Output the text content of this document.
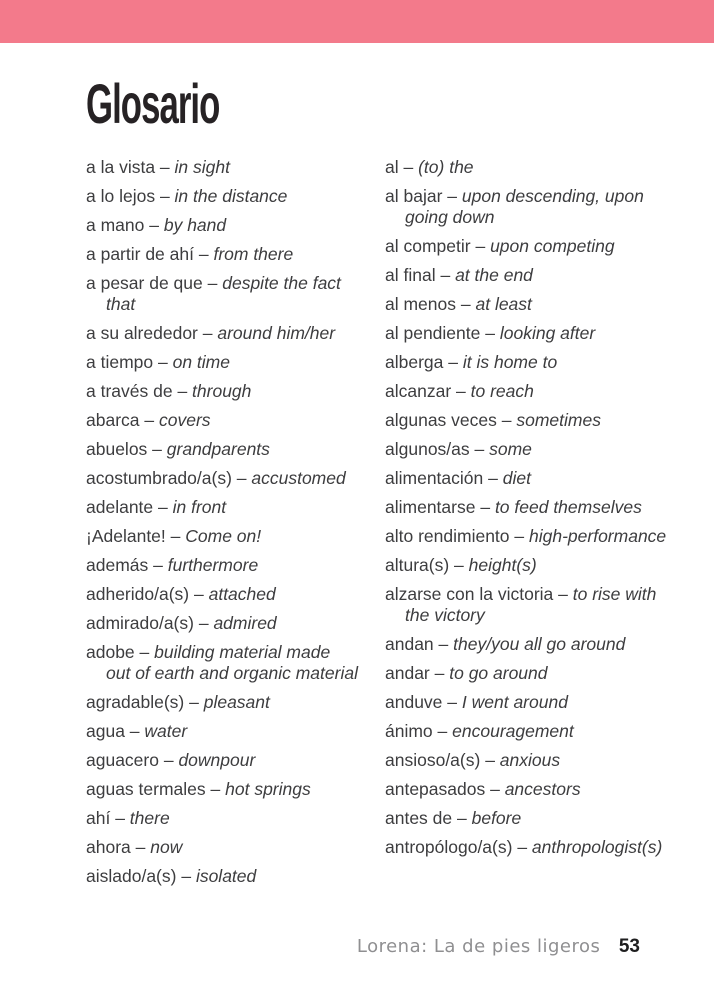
Glosario

a la vista – in sight

a lo lejos – in the distance

a mano – by hand

a partir de ahí – from there

a pesar de que – despite the fact that

a su alrededor – around him/her

a tiempo – on time

a través de – through

abarca – covers

abuelos – grandparents

acostumbrado/a(s) – accustomed

adelante – in front

¡Adelante! – Come on!

además – furthermore

adherido/a(s) – attached

admirado/a(s) – admired

adobe – building material made out of earth and organic material

agradable(s) – pleasant

agua – water

aguacero – downpour

aguas termales – hot springs

ahí – there

ahora – now

aislado/a(s) – isolated

al – (to) the

al bajar – upon descending, upon going down

al competir – upon competing

al final – at the end

al menos – at least

al pendiente – looking after

alberga – it is home to

alcanzar – to reach

algunas veces – sometimes

algunos/as – some

alimentación – diet

alimentarse – to feed themselves

alto rendimiento – high-performance

altura(s) – height(s)

alzarse con la victoria – to rise with the victory

andan – they/you all go around

andar – to go around

anduve – I went around

ánimo – encouragement

ansioso/a(s) – anxious

antepasados – ancestors

antes de – before

antropólogo/a(s) – anthropologist(s)

Lorena: La de pies ligeros 53
